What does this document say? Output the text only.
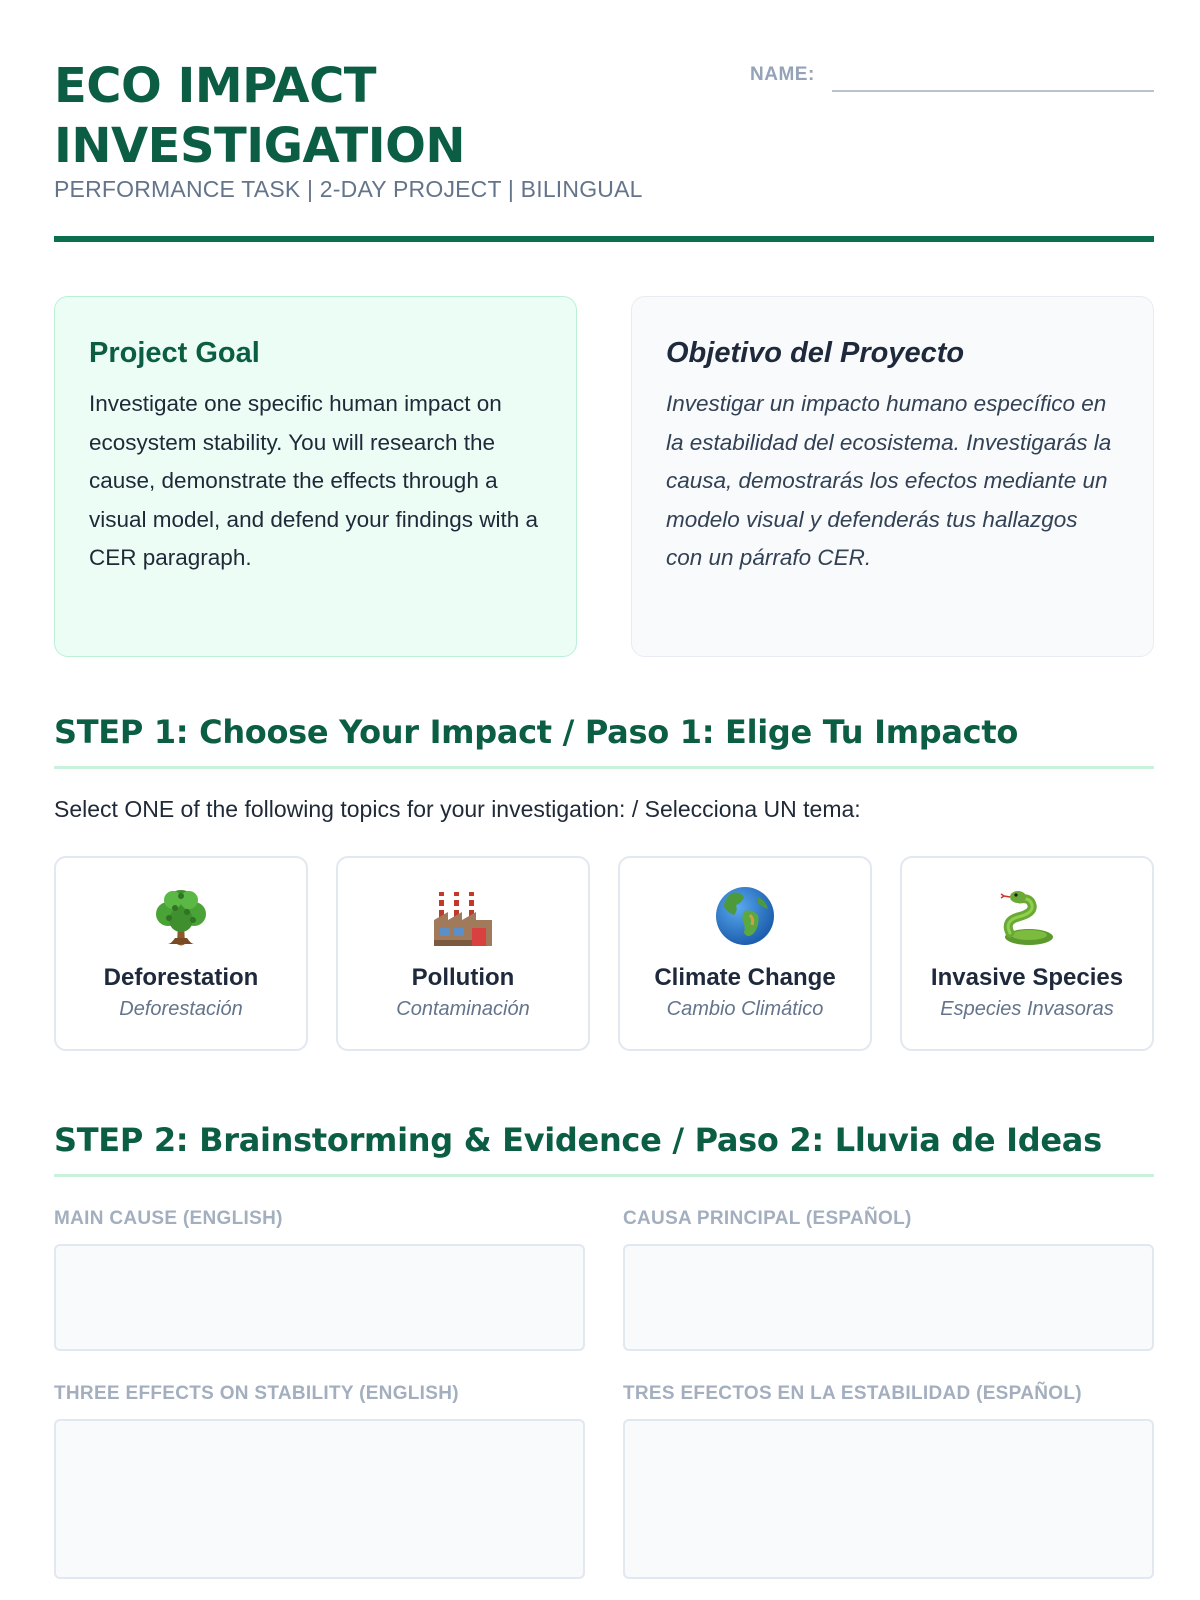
ECO IMPACT
INVESTIGATION
PERFORMANCE TASK | 2-DAY PROJECT | BILINGUAL
NAME:
Project Goal

Investigate one specific human impact on ecosystem stability. You will research the cause, demonstrate the effects through a visual model, and defend your findings with a CER paragraph.

Objetivo del Proyecto

Investigar un impacto humano específico en la estabilidad del ecosistema. Investigarás la causa, demostrarás los efectos mediante un modelo visual y defenderás tus hallazgos con un párrafo CER.

STEP 1: Choose Your Impact / Paso 1: Elige Tu Impacto
Select ONE of the following topics for your investigation: / Selecciona UN tema:
Deforestation
Deforestación
Pollution
Contaminación
Climate Change
Cambio Climático
Invasive Species
Especies Invasoras
STEP 2: Brainstorming & Evidence / Paso 2: Lluvia de Ideas
MAIN CAUSE (ENGLISH)	CAUSA PRINCIPAL (ESPAÑOL)
THREE EFFECTS ON STABILITY (ENGLISH)	TRES EFECTOS EN LA ESTABILIDAD (ESPAÑOL)
